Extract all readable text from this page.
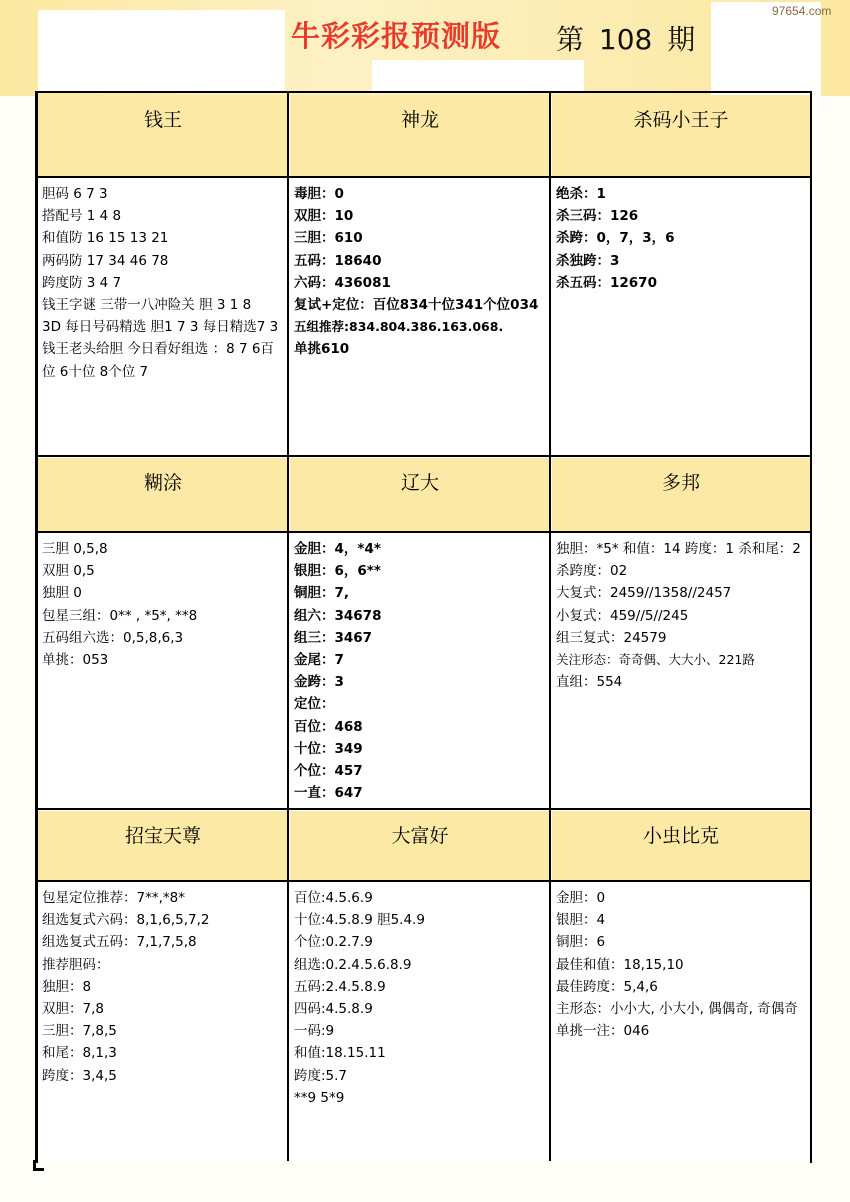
牛彩彩报预测版 第 108 期
97654.com
钱王	神龙	杀码小王子
胆码 6 7 3
搭配号 1 4 8
和值防 16 15 13 21
两码防 17 34 46 78
跨度防 3 4 7
钱王字谜 三带一八冲险关 胆 3 1 8
3D 每日号码精选 胆1 7 3 每日精选7 3
钱王老头给胆 今日看好组选 ：8 7 6百位 6十位 8个位 7
毒胆：0
双胆：10
三胆：610
五码：18640
六码：436081
复试+定位：百位834十位341个位034
五组推荐:834.804.386.163.068.
单挑610
绝杀：1
杀三码：126
杀跨：0，7，3，6
杀独跨：3
杀五码：12670
糊涂	辽大	多邦
三胆 0,5,8
双胆 0,5
独胆 0
包星三组：0** , *5*, **8
五码组六选：0,5,8,6,3
单挑：053
金胆：4，*4*
银胆：6，6**
铜胆：7,
组六：34678
组三：3467
金尾：7
金跨：3
定位：
百位：468
十位：349
个位：457
一直：647
独胆：*5* 和值：14 跨度：1 杀和尾：2 杀跨度：02
大复式：2459//1358//2457
小复式：459//5//245
组三复式：24579
关注形态：奇奇偶、大大小、221路
直组：554
招宝天尊	大富好	小虫比克
包星定位推荐：7**,*8*
组选复式六码：8,1,6,5,7,2
组选复式五码：7,1,7,5,8
推荐胆码：
独胆：8
双胆：7,8
三胆：7,8,5
和尾：8,1,3
跨度：3,4,5
百位:4.5.6.9
十位:4.5.8.9 胆5.4.9
个位:0.2.7.9
组选:0.2.4.5.6.8.9
五码:2.4.5.8.9
四码:4.5.8.9
一码:9
和值:18.15.11
跨度:5.7
**9 5*9
金胆：0
银胆：4
铜胆：6
最佳和值：18,15,10
最佳跨度：5,4,6
主形态：小小大, 小大小, 偶偶奇, 奇偶奇
单挑一注：046
